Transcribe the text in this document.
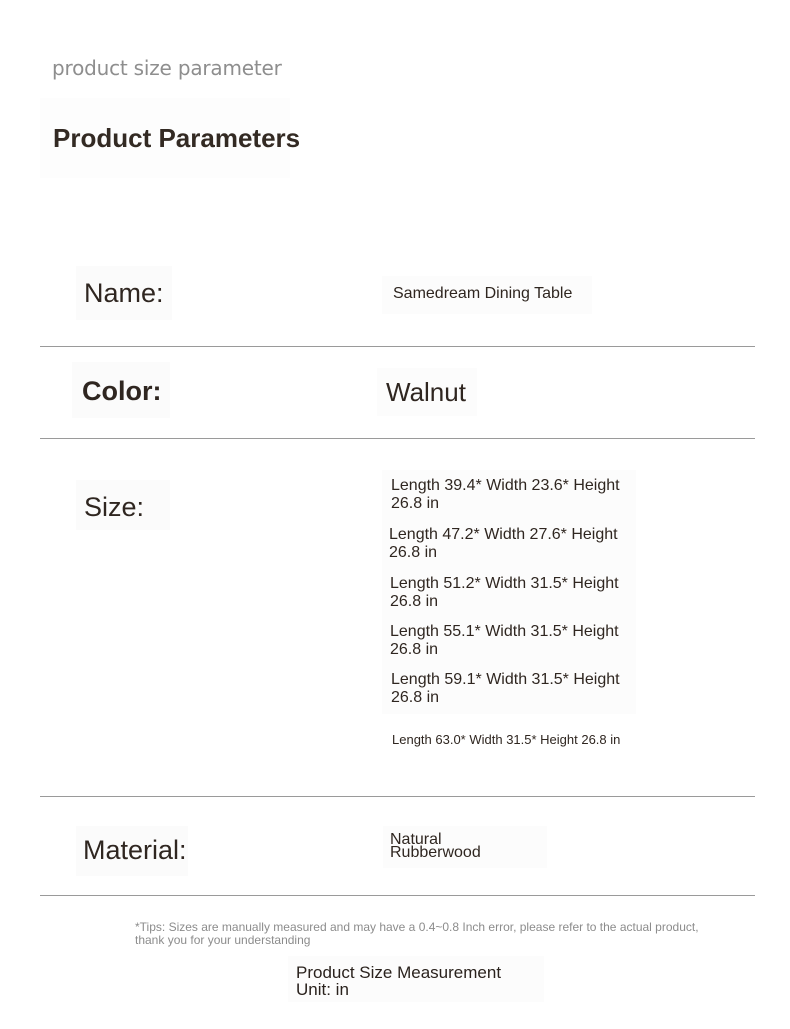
product size parameter
Product Parameters
Name:	Samedream Dining Table
Color:	Walnut
Size:
Length 39.4* Width 23.6* Height 26.8 in
Length 47.2* Width 27.6* Height 26.8 in
Length 51.2* Width 31.5* Height 26.8 in
Length 55.1* Width 31.5* Height 26.8 in
Length 59.1* Width 31.5* Height 26.8 in
Length 63.0* Width 31.5* Height 26.8 in
Material:	Natural
Rubberwood
*Tips: Sizes are manually measured and may have a 0.4~0.8 Inch error, please refer to the actual product, thank you for your understanding
Product Size Measurement
Unit: in
